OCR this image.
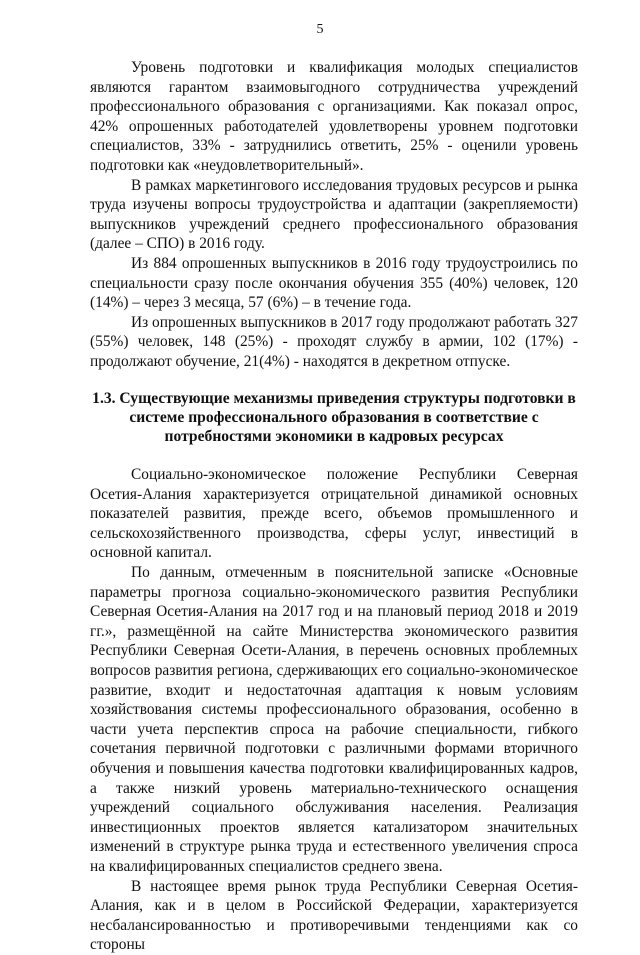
5

Уровень подготовки и квалификация молодых специалистов являются гарантом взаимовыгодного сотрудничества учреждений профессионального образования с организациями. Как показал опрос, 42% опрошенных работодателей удовлетворены уровнем подготовки специалистов, 33% - затруднились ответить, 25% - оценили уровень подготовки как «неудовлетворительный».

В рамках маркетингового исследования трудовых ресурсов и рынка труда изучены вопросы трудоустройства и адаптации (закрепляемости) выпускников учреждений среднего профессионального образования (далее – СПО) в 2016 году.

Из 884 опрошенных выпускников в 2016 году трудоустроились по специальности сразу после окончания обучения 355 (40%) человек, 120 (14%) – через 3 месяца, 57 (6%) – в течение года.

Из опрошенных выпускников в 2017 году продолжают работать 327 (55%) человек, 148 (25%) - проходят службу в армии, 102 (17%) - продолжают обучение, 21(4%) - находятся в декретном отпуске.

1.3. Существующие механизмы приведения структуры подготовки в системе профессионального образования в соответствие с потребностями экономики в кадровых ресурсах

Социально-экономическое положение Республики Северная Осетия-Алания характеризуется отрицательной динамикой основных показателей развития, прежде всего, объемов промышленного и сельскохозяйственного производства, сферы услуг, инвестиций в основной капитал.

По данным, отмеченным в пояснительной записке «Основные параметры прогноза социально-экономического развития Республики Северная Осетия-Алания на 2017 год и на плановый период 2018 и 2019 гг.», размещённой на сайте Министерства экономического развития Республики Северная Осети-Алания, в перечень основных проблемных вопросов развития региона, сдерживающих его социально-экономическое развитие, входит и недостаточная адаптация к новым условиям хозяйствования системы профессионального образования, особенно в части учета перспектив спроса на рабочие специальности, гибкого сочетания первичной подготовки с различными формами вторичного обучения и повышения качества подготовки квалифицированных кадров, а также низкий уровень материально-технического оснащения учреждений социального обслуживания населения. Реализация инвестиционных проектов является катализатором значительных изменений в структуре рынка труда и естественного увеличения спроса на квалифицированных специалистов среднего звена.

В настоящее время рынок труда Республики Северная Осетия-Алания, как и в целом в Российской Федерации, характеризуется несбалансированностью и противоречивыми тенденциями как со стороны
